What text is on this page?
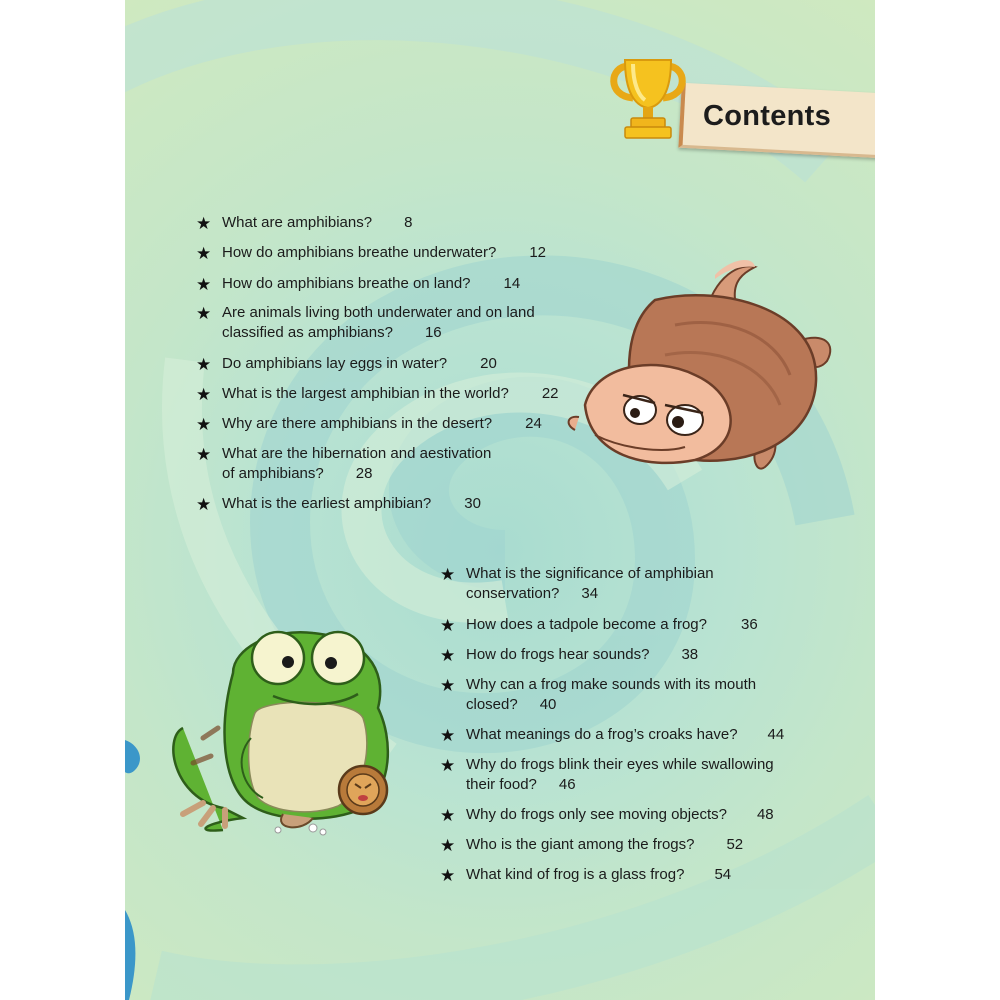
Contents
★ What are amphibians? 8
★ How do amphibians breathe underwater? 12
★ How do amphibians breathe on land? 14
★ Are animals living both underwater and on land
classified as amphibians? 16
★ Do amphibians lay eggs in water? 20
★ What is the largest amphibian in the world? 22
★ Why are there amphibians in the desert? 24
★ What are the hibernation and aestivation
of amphibians? 28
★ What is the earliest amphibian? 30
★ What is the significance of amphibian
conservation? 34
★ How does a tadpole become a frog? 36
★ How do frogs hear sounds? 38
★ Why can a frog make sounds with its mouth
closed? 40
★ What meanings do a frog’s croaks have? 44
★ Why do frogs blink their eyes while swallowing
their food? 46
★ Why do frogs only see moving objects? 48
★ Who is the giant among the frogs? 52
★ What kind of frog is a glass frog? 54
